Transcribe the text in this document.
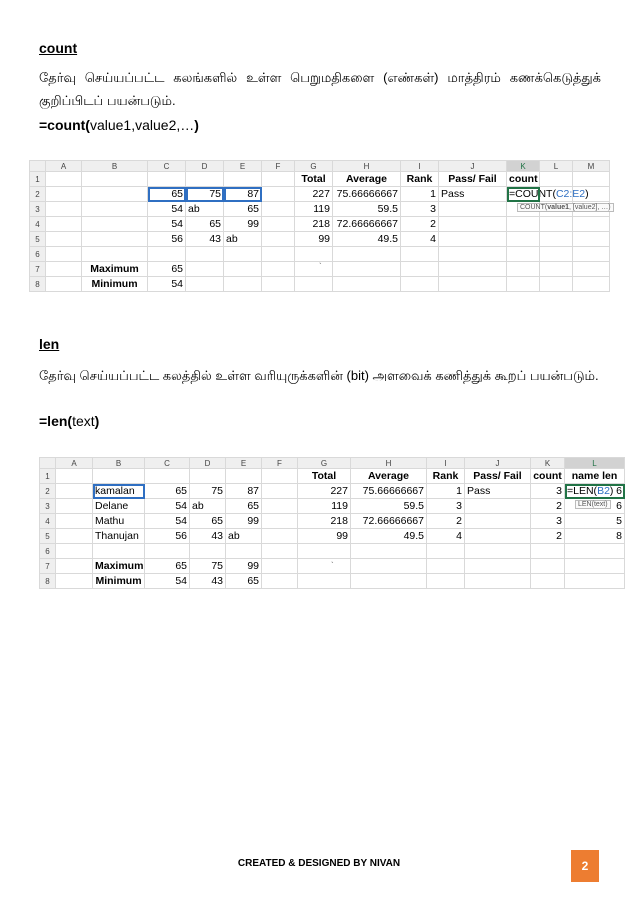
count
தேர்வு செய்யப்பட்ட கலங்களில் உள்ள பெறுமதிகளை (எண்கள்) மாத்திரம் கணக்கெடுத்துக் குறிப்பிடப் பயன்படும்.
=count(value1,value2,…)
	A	B	C	D	E	F	G	H	I	J	K	L	M
1							Total	Average	Rank	Pass/ Fail	count		
2			65	75	87		227	75.66666667	1	Pass	=COUNT(C2:E2)
COUNT(value1, [value2], …)		

3			54	ab	65		119	59.5	3				
4			54	65	99		218	72.66666667	2				
5			56	43	ab		99	49.5	4				
6													
7		Maximum	65										
8		Minimum	54										
`
len
தேர்வு செய்யப்பட்ட கலத்தில் உள்ள வரியுருக்களின் (bit) அளவைக் கணித்துக் கூறப் பயன்படும்.
=len(text)
	A	B	C	D	E	F	G	H	I	J	K	L
1							Total	Average	Rank	Pass/ Fail	count	name len
2		kamalan	65	75	87		227	75.66666667	1	Pass	3	=LEN(B2) 6
LEN(text)

3		Delane	54	ab	65		119	59.5	3		2	6
4		Mathu	54	65	99		218	72.66666667	2		3	5
5		Thanujan	56	43	ab		99	49.5	4		2	8
6												
7		Maximum	65	75	99							
8		Minimum	54	43	65							
`
CREATED & DESIGNED BY NIVAN	2
